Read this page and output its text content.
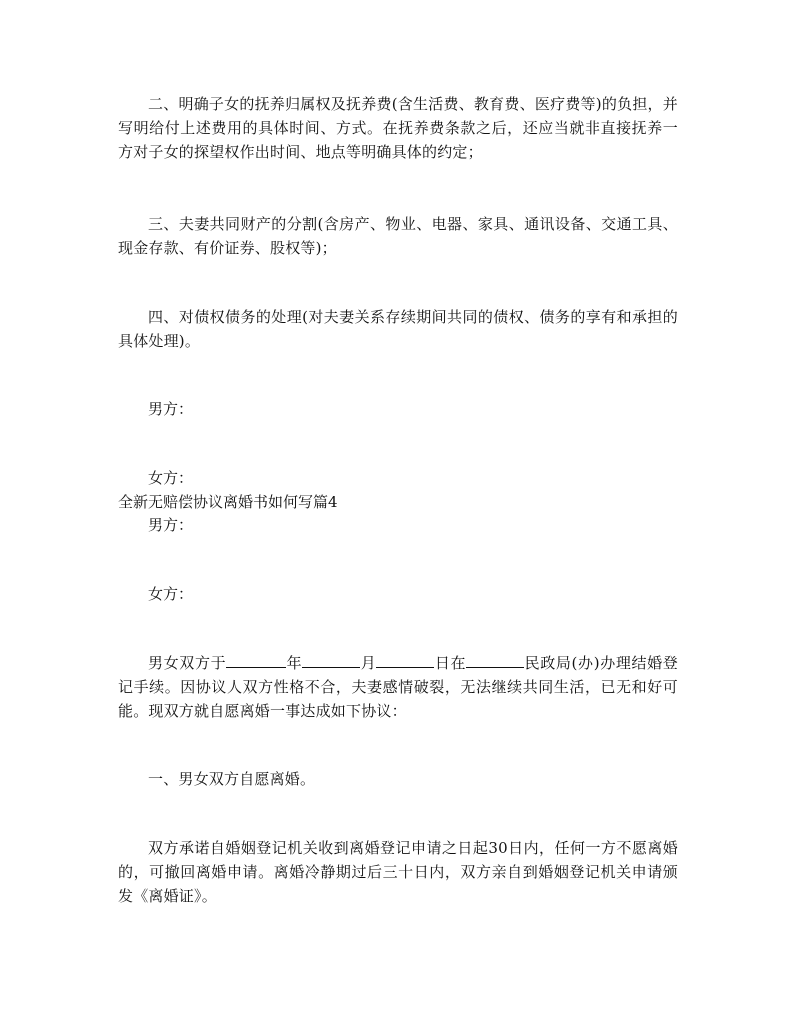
二、明确子女的抚养归属权及抚养费(含生活费、教育费、医疗费等)的负担，并写明给付上述费用的具体时间、方式。在抚养费条款之后，还应当就非直接抚养一方对子女的探望权作出时间、地点等明确具体的约定；

三、夫妻共同财产的分割(含房产、物业、电器、家具、通讯设备、交通工具、现金存款、有价证券、股权等)；

四、对债权债务的处理(对夫妻关系存续期间共同的债权、债务的享有和承担的具体处理)。

男方：

女方：

全新无赔偿协议离婚书如何写篇4

男方：

女方：

男女双方于	年	月	日在	民政局(办)办理结婚登记手续。因协议人双方性格不合，夫妻感情破裂，无法继续共同生活，已无和好可能。现双方就自愿离婚一事达成如下协议：

一、男女双方自愿离婚。

双方承诺自婚姻登记机关收到离婚登记申请之日起30日内，任何一方不愿离婚的，可撤回离婚申请。离婚冷静期过后三十日内，双方亲自到婚姻登记机关申请颁发《离婚证》。
